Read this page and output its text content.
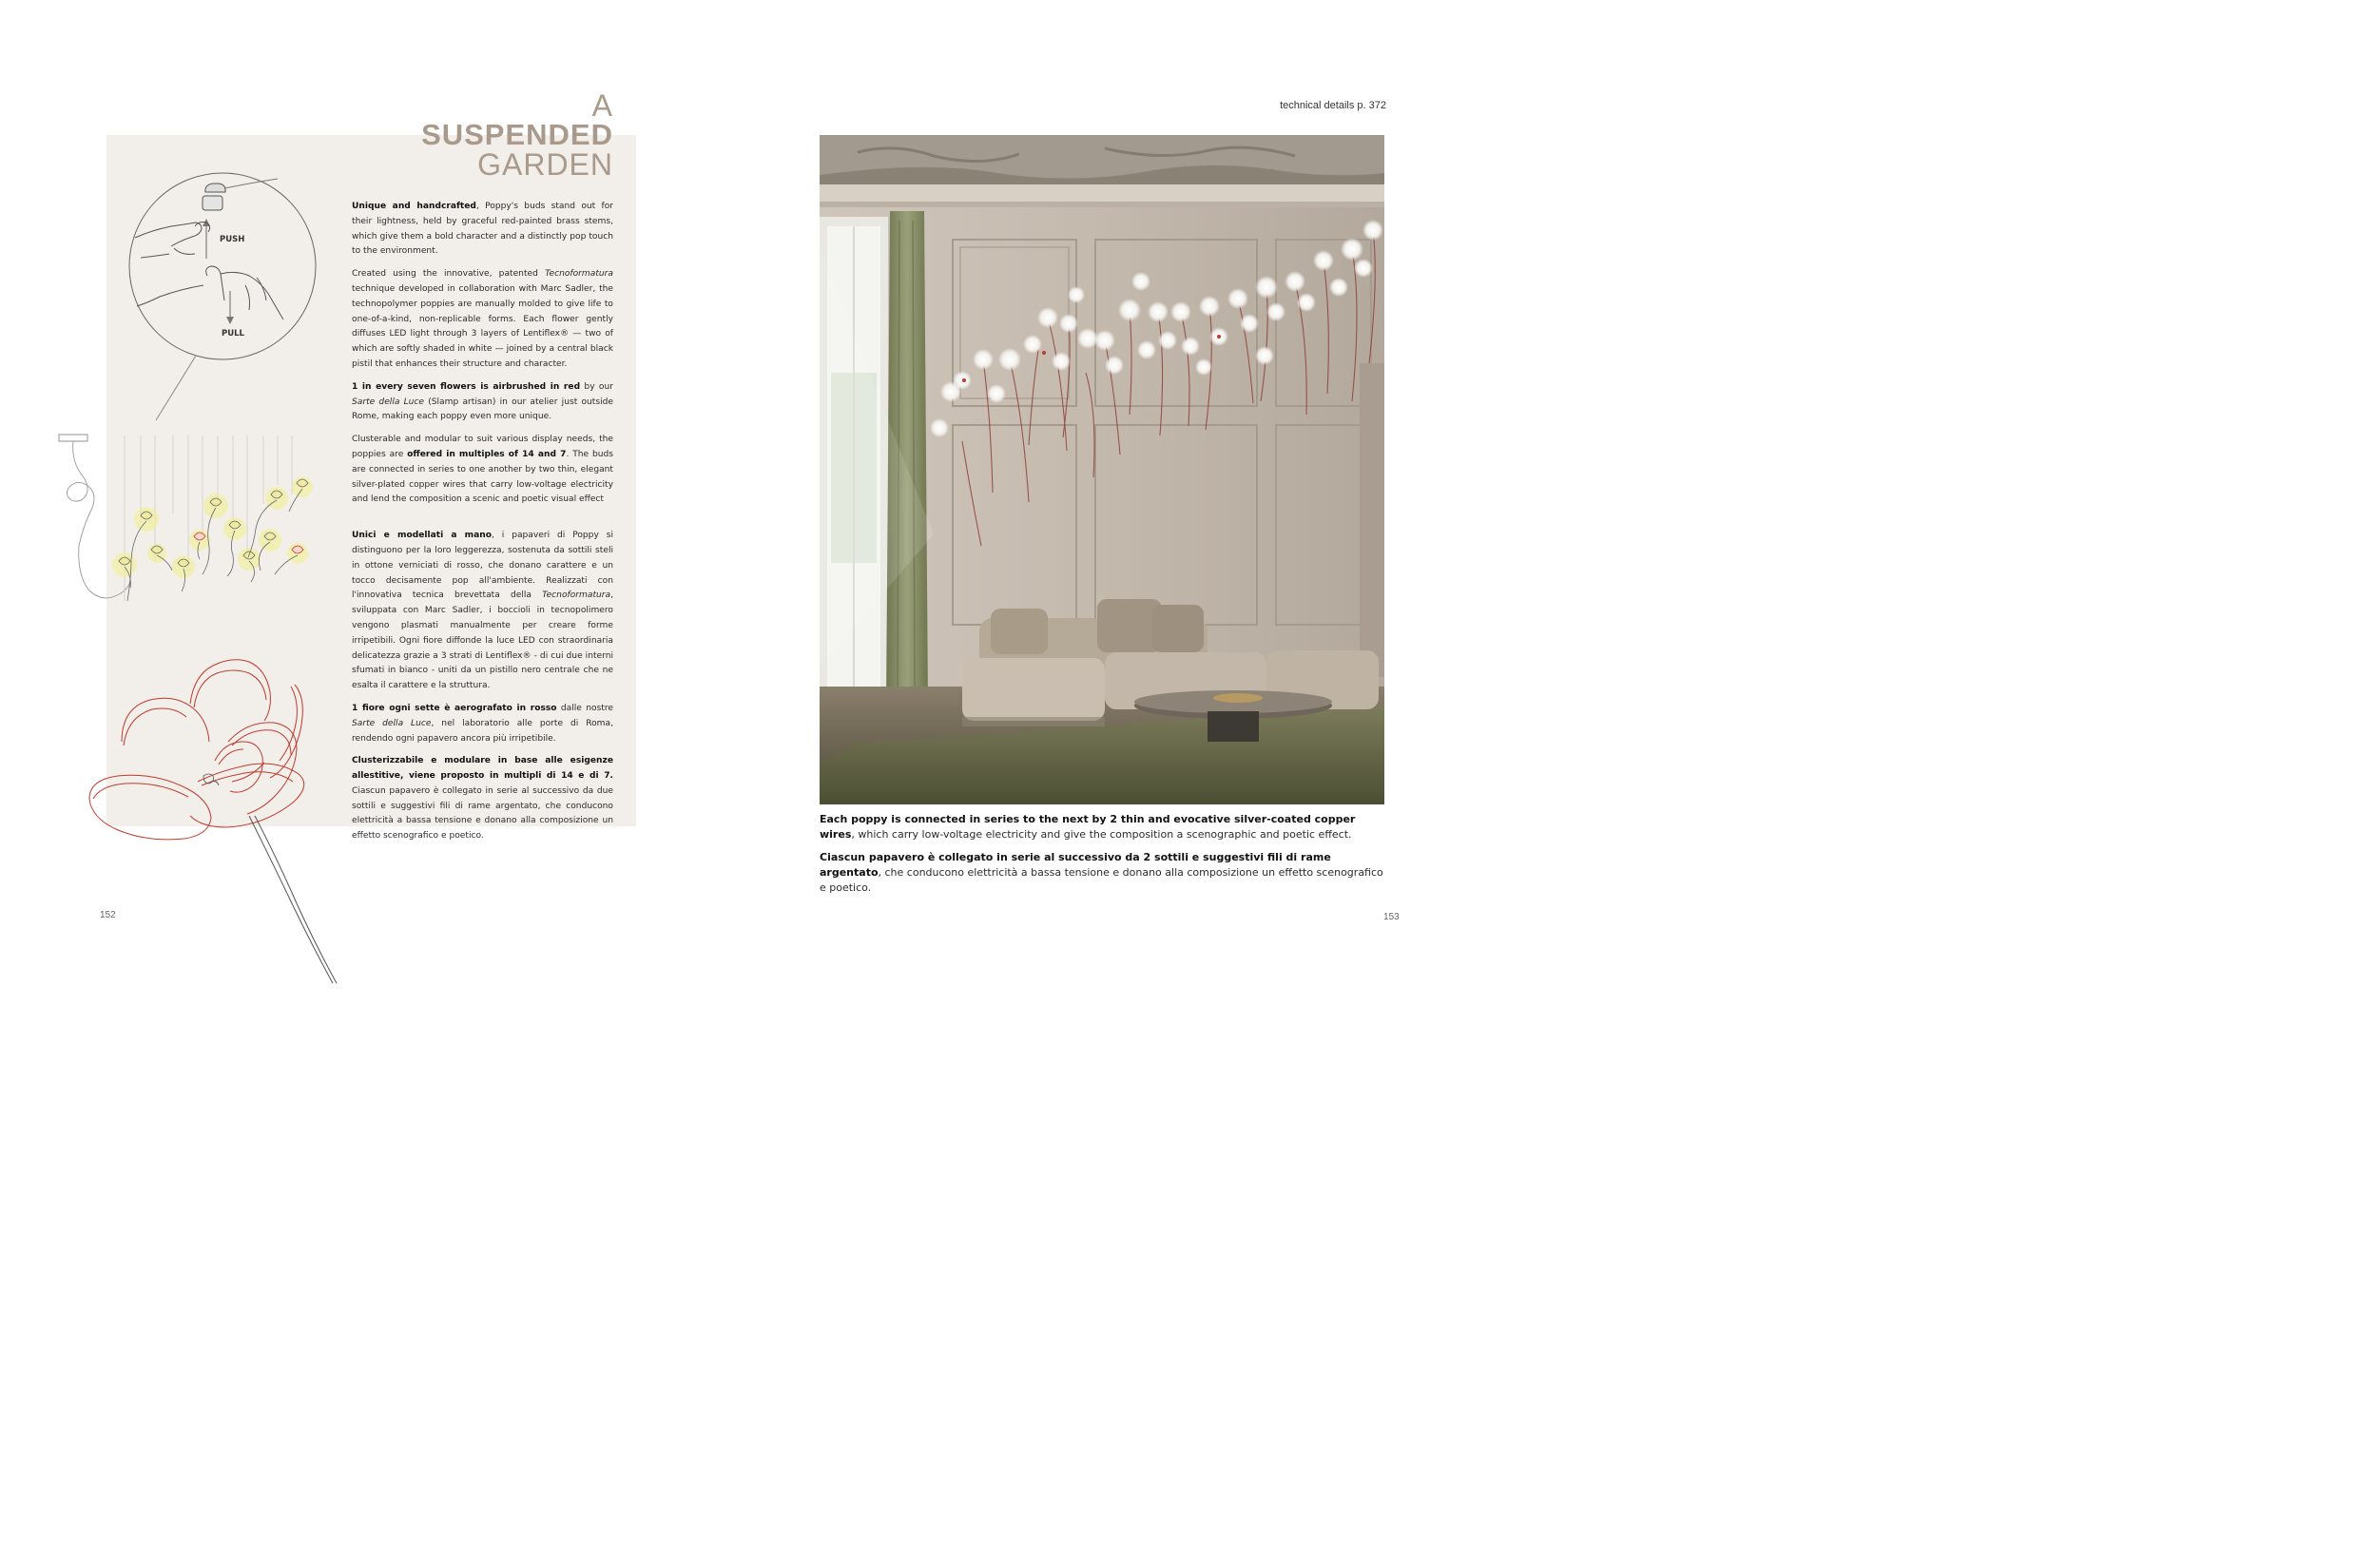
A
SUSPENDED
GARDEN
PUSH
PULL

Unique and handcrafted, Poppy's buds stand out for their lightness, held by graceful red-painted brass stems, which give them a bold character and a distinctly pop touch to the environment.

Created using the innovative, patented Tecnoformatura technique developed in collaboration with Marc Sadler, the technopolymer poppies are manually molded to give life to one-of-a-kind, non-replicable forms. Each flower gently diffuses LED light through 3 layers of Lentiflex® — two of which are softly shaded in white — joined by a central black pistil that enhances their structure and character.

1 in every seven flowers is airbrushed in red by our Sarte della Luce (Slamp artisan) in our atelier just outside Rome, making each poppy even more unique.

Clusterable and modular to suit various display needs, the poppies are offered in multiples of 14 and 7. The buds are connected in series to one another by two thin, elegant silver-plated copper wires that carry low-voltage electricity and lend the composition a scenic and poetic visual effect

Unici e modellati a mano, i papaveri di Poppy si distinguono per la loro leggerezza, sostenuta da sottili steli in ottone verniciati di rosso, che donano carattere e un tocco decisamente pop all'ambiente. Realizzati con l'innovativa tecnica brevettata della Tecnoformatura, sviluppata con Marc Sadler, i boccioli in tecnopolimero vengono plasmati manualmente per creare forme irripetibili. Ogni fiore diffonde la luce LED con straordinaria delicatezza grazie a 3 strati di Lentiflex® - di cui due interni sfumati in bianco - uniti da un pistillo nero centrale che ne esalta il carattere e la struttura.

1 fiore ogni sette è aerografato in rosso dalle nostre Sarte della Luce, nel laboratorio alle porte di Roma, rendendo ogni papavero ancora più irripetibile.

Clusterizzabile e modulare in base alle esigenze allestitive, viene proposto in multipli di 14 e di 7. Ciascun papavero è collegato in serie al successivo da due sottili e suggestivi fili di rame argentato, che conducono elettricità a bassa tensione e donano alla composizione un effetto scenografico e poetico.

152
technical details p. 372

Each poppy is connected in series to the next by 2 thin and evocative silver-coated copper wires, which carry low-voltage electricity and give the composition a scenographic and poetic effect.

Ciascun papavero è collegato in serie al successivo da 2 sottili e suggestivi fili di rame argentato, che conducono elettricità a bassa tensione e donano alla composizione un effetto scenografico e poetico.

153
